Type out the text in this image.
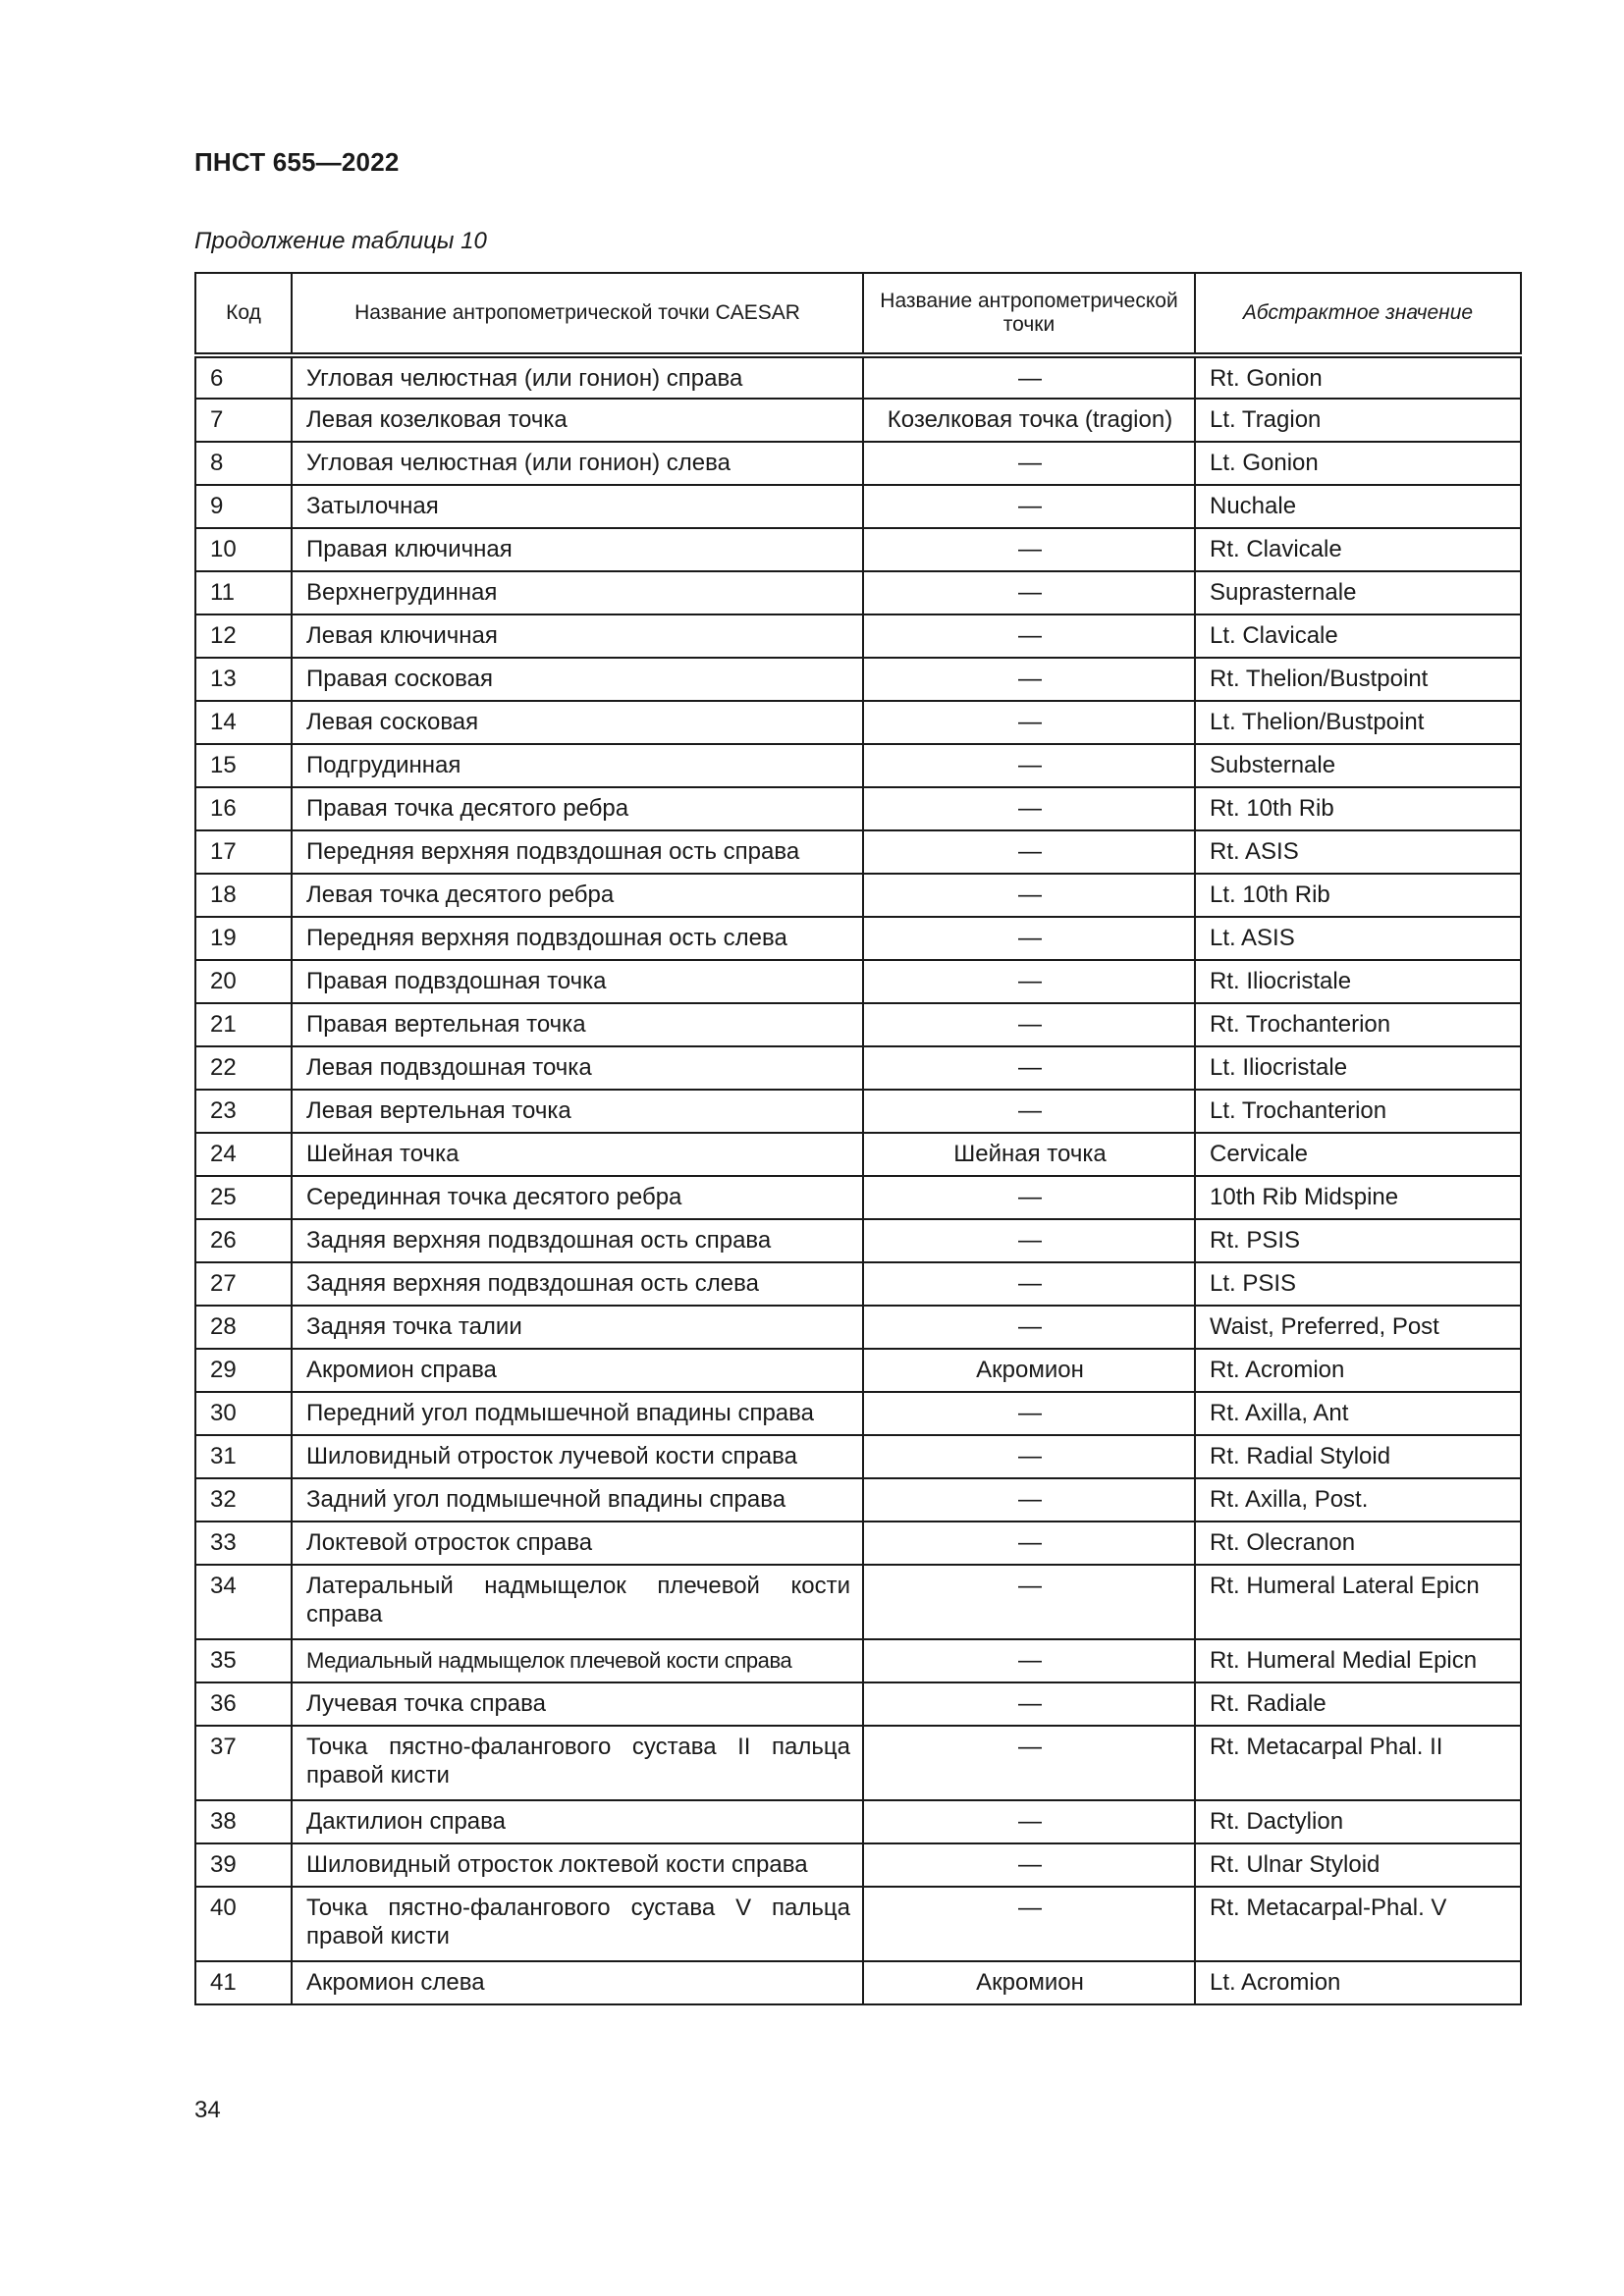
ПНСТ 655—2022
Продолжение таблицы 10
Код	Название антропометрической точки CAESAR	Название антропометрической точки	Абстрактное значение
6	Угловая челюстная (или гонион) справа	—	Rt. Gonion
7	Левая козелковая точка	Козелковая точка (tragion)	Lt. Tragion
8	Угловая челюстная (или гонион) слева	—	Lt. Gonion
9	Затылочная	—	Nuchale
10	Правая ключичная	—	Rt. Clavicale
11	Верхнегрудинная	—	Suprasternale
12	Левая ключичная	—	Lt. Clavicale
13	Правая сосковая	—	Rt. Thelion/Bustpoint
14	Левая сосковая	—	Lt. Thelion/Bustpoint
15	Подгрудинная	—	Substernale
16	Правая точка десятого ребра	—	Rt. 10th Rib
17	Передняя верхняя подвздошная ость справа	—	Rt. ASIS
18	Левая точка десятого ребра	—	Lt. 10th Rib
19	Передняя верхняя подвздошная ость слева	—	Lt. ASIS
20	Правая подвздошная точка	—	Rt. Iliocristale
21	Правая вертельная точка	—	Rt. Trochanterion
22	Левая подвздошная точка	—	Lt. Iliocristale
23	Левая вертельная точка	—	Lt. Trochanterion
24	Шейная точка	Шейная точка	Cervicale
25	Серединная точка десятого ребра	—	10th Rib Midspine
26	Задняя верхняя подвздошная ость справа	—	Rt. PSIS
27	Задняя верхняя подвздошная ость слева	—	Lt. PSIS
28	Задняя точка талии	—	Waist, Preferred, Post
29	Акромион справа	Акромион	Rt. Acromion
30	Передний угол подмышечной впадины справа	—	Rt. Axilla, Ant
31	Шиловидный отросток лучевой кости справа	—	Rt. Radial Styloid
32	Задний угол подмышечной впадины справа	—	Rt. Axilla, Post.
33	Локтевой отросток справа	—	Rt. Olecranon
34	Латеральный надмыщелок плечевой кости справа	—	Rt. Humeral Lateral Epicn
35	Медиальный надмыщелок плечевой кости справа	—	Rt. Humeral Medial Epicn
36	Лучевая точка справа	—	Rt. Radiale
37	Точка пястно-фалангового сустава II пальца правой кисти	—	Rt. Metacarpal Phal. II
38	Дактилион справа	—	Rt. Dactylion
39	Шиловидный отросток локтевой кости справа	—	Rt. Ulnar Styloid
40	Точка пястно-фалангового сустава V пальца правой кисти	—	Rt. Metacarpal-Phal. V
41	Акромион слева	Акромион	Lt. Acromion
34
